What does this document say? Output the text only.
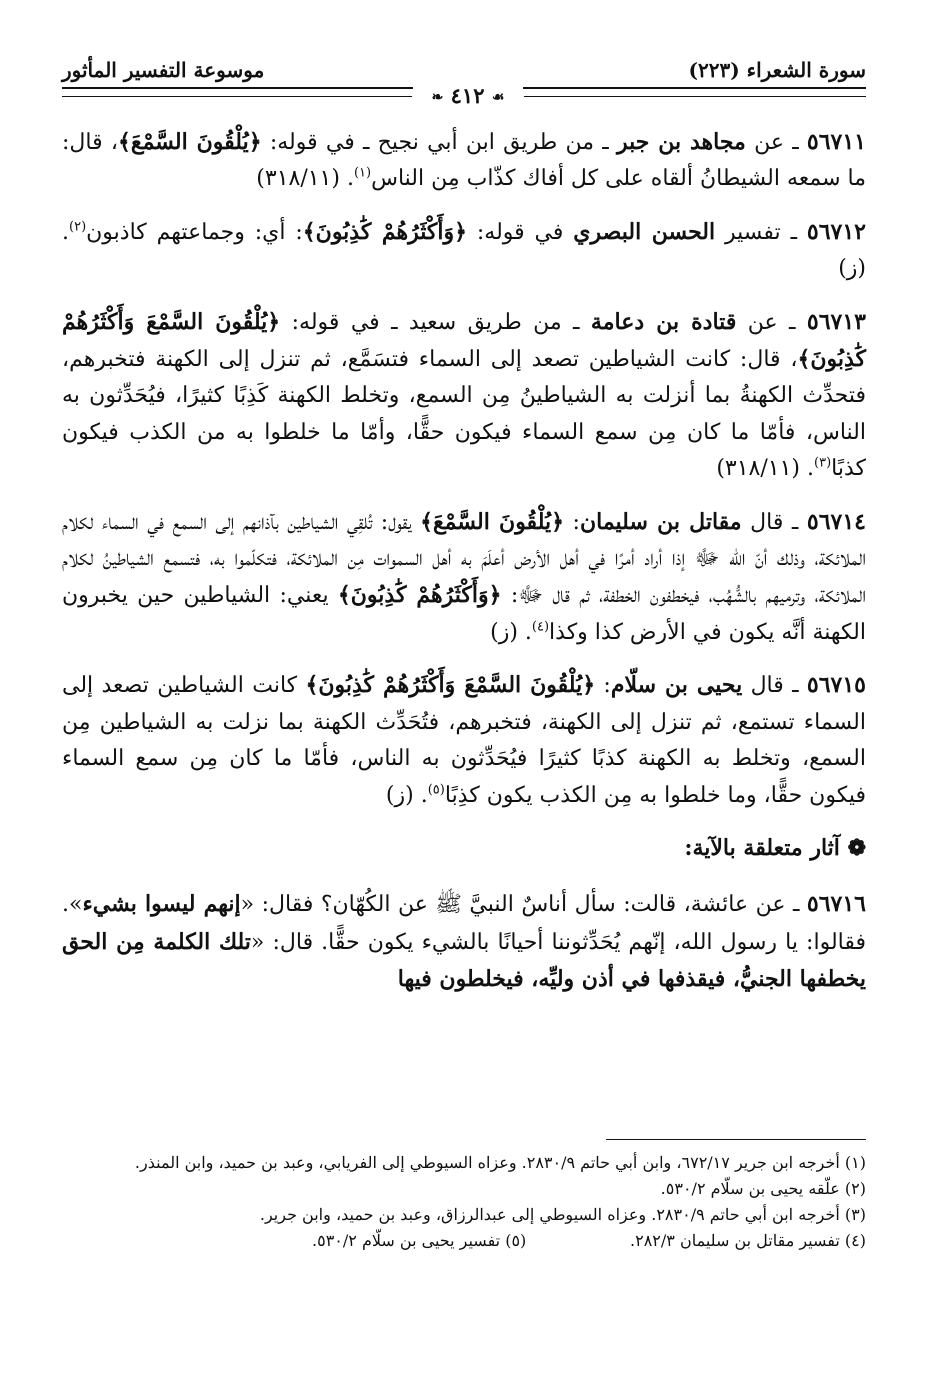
سورة الشعراء (٢٢٣)
موسوعة التفسير المأثور
❧ ٤١٢ ☙

٥٦٧١١ ـ عن مجاهد بن جبر ـ من طريق ابن أبي نجيح ـ في قوله: ﴿يُلْقُونَ السَّمْعَ﴾، قال: ما سمعه الشيطانُ ألقاه على كل أفاك كذّاب مِن الناس$^{(١)}$. (٣١٨/١١)

٥٦٧١٢ ـ تفسير الحسن البصري في قوله: ﴿وَأَكْثَرُهُمْ كَٰذِبُونَ﴾: أي: وجماعتهم كاذبون$^{(٢)}$. (ز)

٥٦٧١٣ ـ عن قتادة بن دعامة ـ من طريق سعيد ـ في قوله: ﴿يُلْقُونَ السَّمْعَ وَأَكْثَرُهُمْ كَٰذِبُونَ﴾، قال: كانت الشياطين تصعد إلى السماء فتسَمَّع، ثم تنزل إلى الكهنة فتخبرهم، فتحدِّث الكهنةُ بما أنزلت به الشياطينُ مِن السمع، وتخلط الكهنة كَذِبًا كثيرًا، فيُحَدِّثون به الناس، فأمّا ما كان مِن سمع السماء فيكون حقًّا، وأمّا ما خلطوا به من الكذب فيكون كذبًا$^{(٣)}$. (٣١٨/١١)

٥٦٧١٤ ـ قال مقاتل بن سليمان: ﴿يُلْقُونَ السَّمْعَ﴾ يقول: تُلقِي الشياطين بآذانهم إلى السمع في السماء لكلام الملائكة، وذلك أنّ الله ﷻ إذا أراد أمرًا في أهل الأرض أعلَمَ به أهل السموات مِن الملائكة، فتكلّموا به، فتسمع الشياطينُ لكلام الملائكة، وترميهم بالشُّهُب، فيخطفون الخطفة، ثم قال ﷻ: ﴿وَأَكْثَرُهُمْ كَٰذِبُونَ﴾ يعني: الشياطين حين يخبرون الكهنة أنَّه يكون في الأرض كذا وكذا$^{(٤)}$. (ز)

٥٦٧١٥ ـ قال يحيى بن سلّام: ﴿يُلْقُونَ السَّمْعَ وَأَكْثَرُهُمْ كَٰذِبُونَ﴾ كانت الشياطين تصعد إلى السماء تستمع، ثم تنزل إلى الكهنة، فتخبرهم، فتُحَدِّث الكهنة بما نزلت به الشياطين مِن السمع، وتخلط به الكهنة كذبًا كثيرًا فيُحَدِّثون به الناس، فأمّا ما كان مِن سمع السماء فيكون حقًّا، وما خلطوا به مِن الكذب يكون كذِبًا$^{(٥)}$. (ز)

❁ آثار متعلقة بالآية:

٥٦٧١٦ ـ عن عائشة، قالت: سأل أناسٌ النبيَّ ﷺ عن الكُهّان؟ فقال: «إنهم ليسوا بشيء». فقالوا: يا رسول الله، إنّهم يُحَدِّثوننا أحيانًا بالشيء يكون حقًّا. قال: «تلك الكلمة مِن الحق يخطفها الجنيُّ، فيقذفها في أذن وليِّه، فيخلطون فيها

(١) أخرجه ابن جرير ٦٧٢/١٧، وابن أبي حاتم ٢٨٣٠/٩. وعزاه السيوطي إلى الفريابي، وعبد بن حميد، وابن المنذر.
(٢) علّقه يحيى بن سلّام ٥٣٠/٢.
(٣) أخرجه ابن أبي حاتم ٢٨٣٠/٩. وعزاه السيوطي إلى عبدالرزاق، وعبد بن حميد، وابن جرير.
(٤) تفسير مقاتل بن سليمان ٢٨٢/٣.
(٥) تفسير يحيى بن سلّام ٥٣٠/٢.
